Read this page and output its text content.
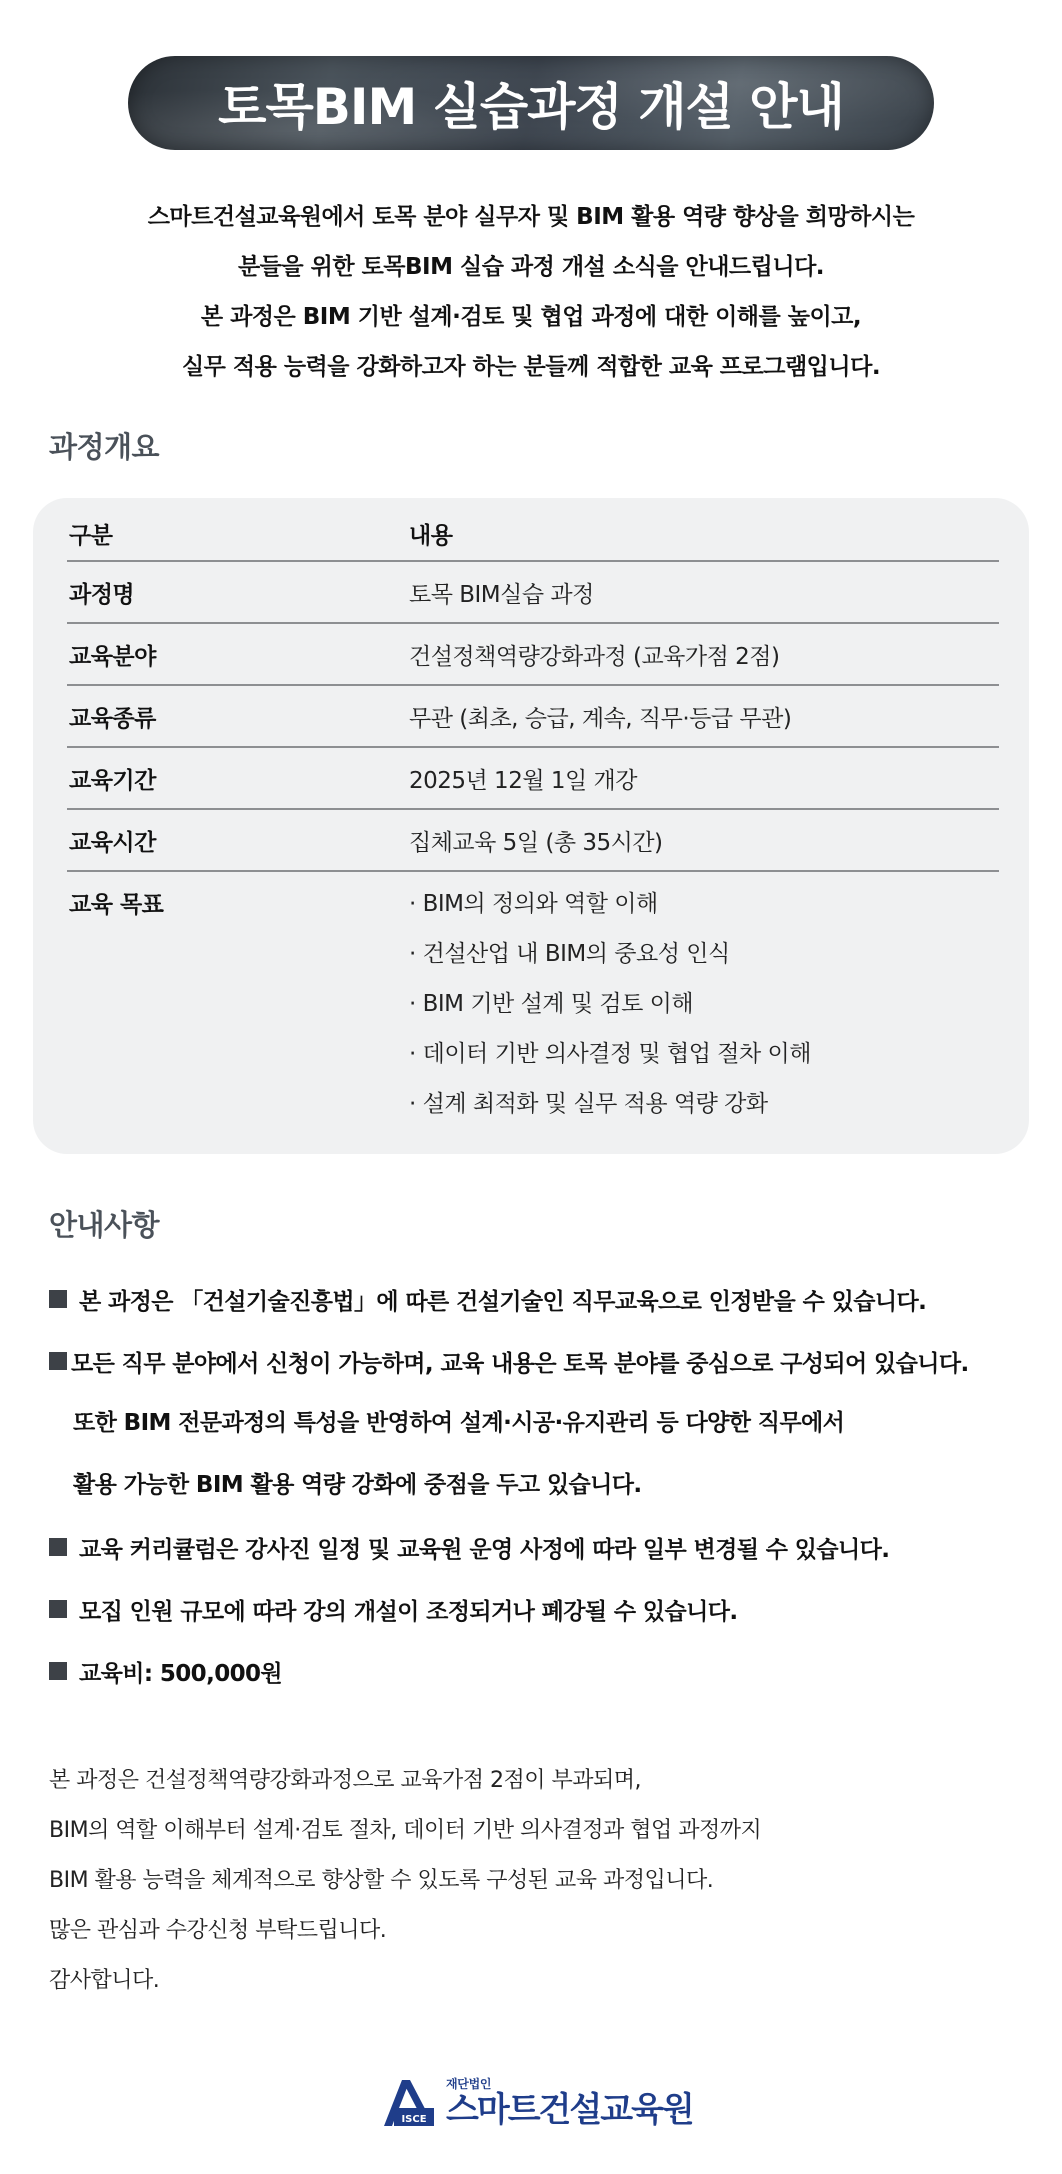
토목BIM 실습과정 개설 안내
스마트건설교육원에서 토목 분야 실무자 및 BIM 활용 역량 향상을 희망하시는
분들을 위한 토목BIM 실습 과정 개설 소식을 안내드립니다.
본 과정은 BIM 기반 설계·검토 및 협업 과정에 대한 이해를 높이고,
실무 적용 능력을 강화하고자 하는 분들께 적합한 교육 프로그램입니다.
과정개요
구분	내용
과정명	토목 BIM실습 과정
교육분야	건설정책역량강화과정 (교육가점 2점)
교육종류	무관 (최초, 승급, 계속, 직무·등급 무관)
교육기간	2025년 12월 1일 개강
교육시간	집체교육 5일 (총 35시간)
교육 목표	· BIM의 정의와 역할 이해
· 건설산업 내 BIM의 중요성 인식
· BIM 기반 설계 및 검토 이해
· 데이터 기반 의사결정 및 협업 절차 이해
· 설계 최적화 및 실무 적용 역량 강화
안내사항
본 과정은 「건설기술진흥법」에 따른 건설기술인 직무교육으로 인정받을 수 있습니다.
모든 직무 분야에서 신청이 가능하며, 교육 내용은 토목 분야를 중심으로 구성되어 있습니다.
또한 BIM 전문과정의 특성을 반영하여 설계·시공·유지관리 등 다양한 직무에서
활용 가능한 BIM 활용 역량 강화에 중점을 두고 있습니다.
교육 커리큘럼은 강사진 일정 및 교육원 운영 사정에 따라 일부 변경될 수 있습니다.
모집 인원 규모에 따라 강의 개설이 조정되거나 폐강될 수 있습니다.
교육비: 500,000원
본 과정은 건설정책역량강화과정으로 교육가점 2점이 부과되며,
BIM의 역할 이해부터 설계·검토 절차, 데이터 기반 의사결정과 협업 과정까지
BIM 활용 능력을 체계적으로 향상할 수 있도록 구성된 교육 과정입니다.
많은 관심과 수강신청 부탁드립니다.
감사합니다.
ISCE
재단법인
스마트건설교육원
